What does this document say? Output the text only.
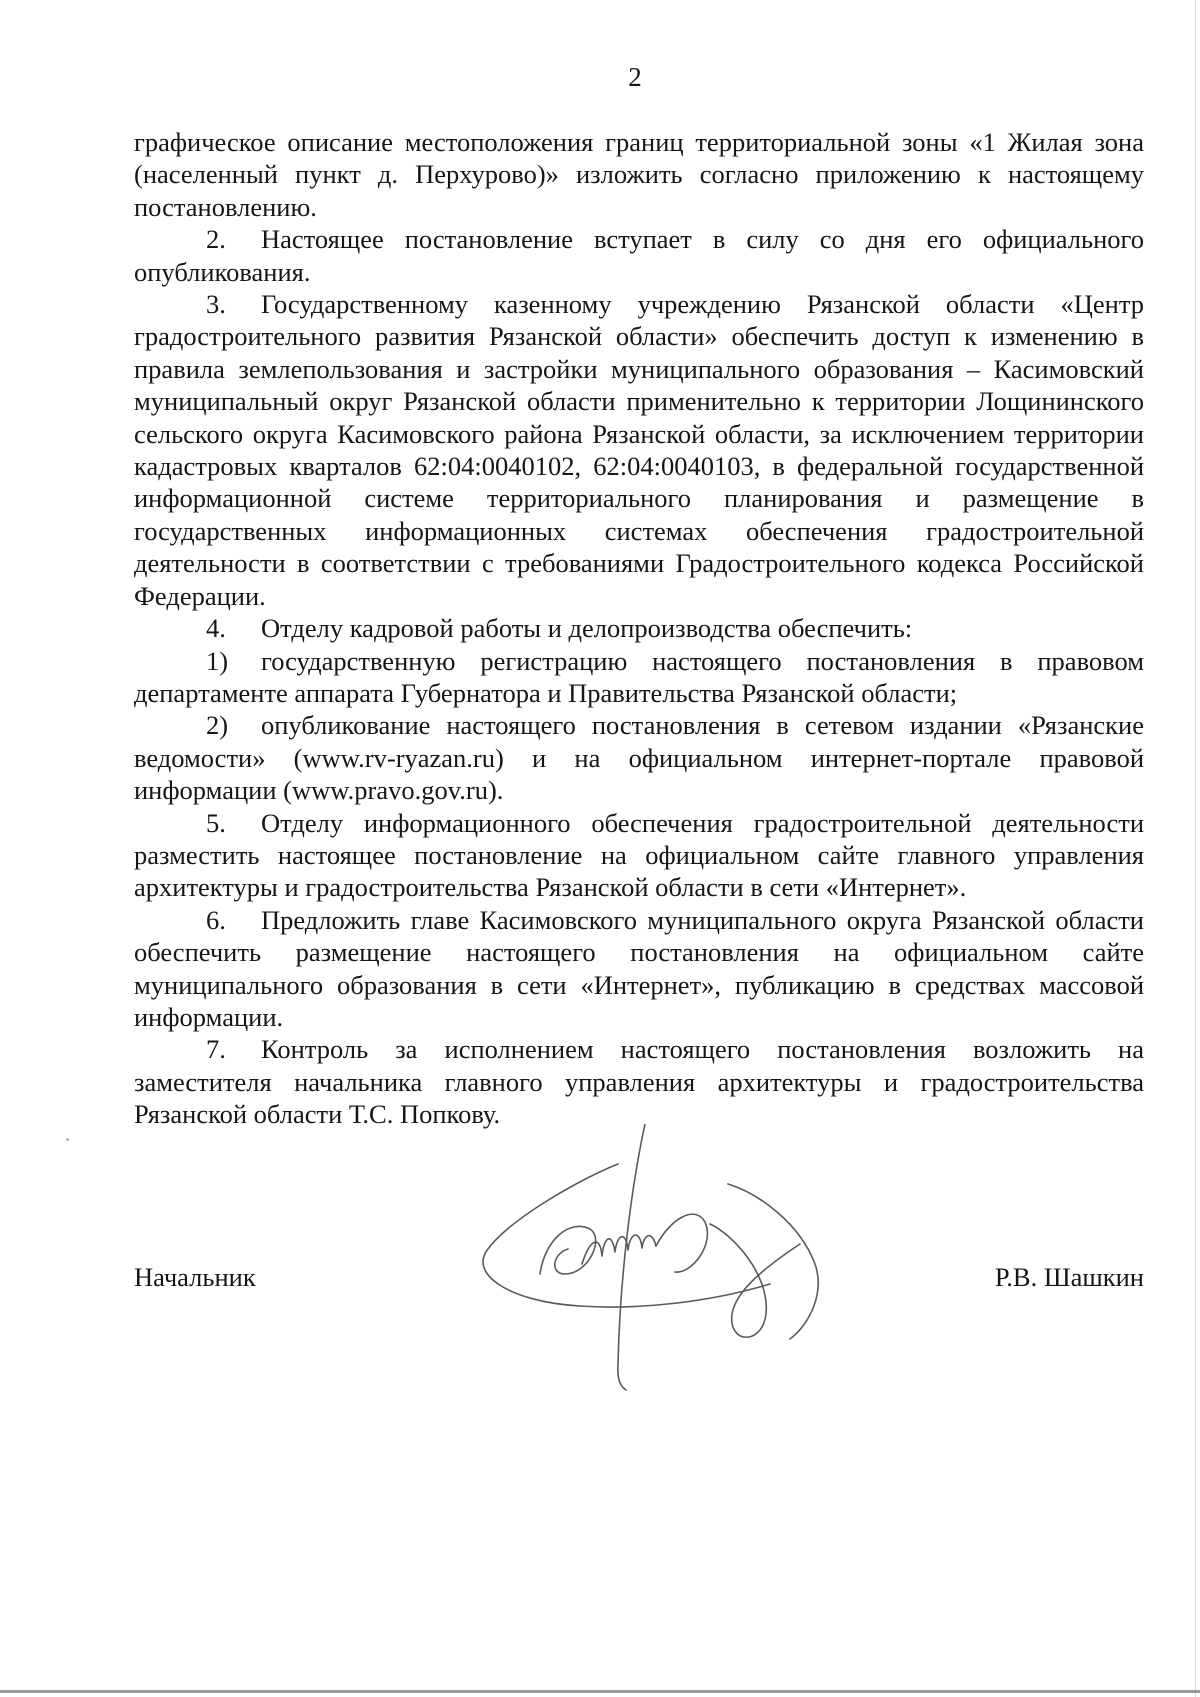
2

графическое описание местоположения границ территориальной зоны «1 Жилая зона (населенный пункт д. Перхурово)» изложить согласно приложению к настоящему постановлению.

2. Настоящее постановление вступает в силу со дня его официального опубликования.

3. Государственному казенному учреждению Рязанской области «Центр градостроительного развития Рязанской области» обеспечить доступ к изменению в правила землепользования и застройки муниципального образования – Касимовский муниципальный округ Рязанской области применительно к территории Лощининского сельского округа Касимовского района Рязанской области, за исключением территории кадастровых кварталов 62:04:0040102, 62:04:0040103, в федеральной государственной информационной системе территориального планирования и размещение в государственных информационных системах обеспечения градостроительной деятельности в соответствии с требованиями Градостроительного кодекса Российской Федерации.

4. Отделу кадровой работы и делопроизводства обеспечить:

1) государственную регистрацию настоящего постановления в правовом департаменте аппарата Губернатора и Правительства Рязанской области;

2) опубликование настоящего постановления в сетевом издании «Рязанские ведомости» (www.rv-ryazan.ru) и на официальном интернет-портале правовой информации (www.pravo.gov.ru).

5. Отделу информационного обеспечения градостроительной деятельности разместить настоящее постановление на официальном сайте главного управления архитектуры и градостроительства Рязанской области в сети «Интернет».

6. Предложить главе Касимовского муниципального округа Рязанской области обеспечить размещение настоящего постановления на официальном сайте муниципального образования в сети «Интернет», публикацию в средствах массовой информации.

7. Контроль за исполнением настоящего постановления возложить на заместителя начальника главного управления архитектуры и градостроительства Рязанской области Т.С. Попкову.

Начальник	Р.В. Шашкин
